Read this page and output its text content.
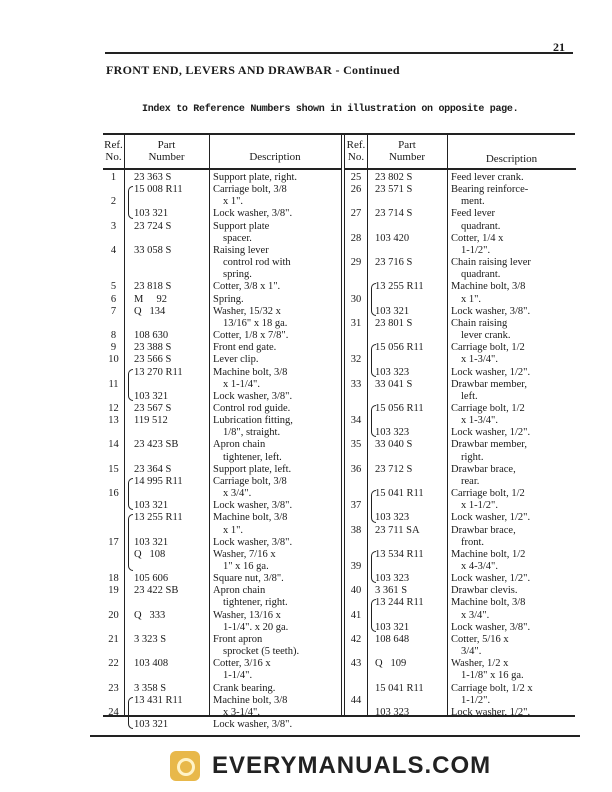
21
FRONT END, LEVERS AND DRAWBAR - Continued
Index to Reference Numbers shown in illustration on opposite page.
Ref.
No.
Part
Number	Description
1	23 363 S	Support plate, right.
2
15 008 R11	Carriage bolt, 3/8
x 1".
103 321	Lock washer, 3/8".
3	23 724 S	Support plate
spacer.
4	33 058 S	Raising lever
control rod with
spring.
5	23 818 S	Cotter, 3/8 x 1".
6	M     92	Spring.
7	Q   134	Washer, 15/32 x
13/16" x 18 ga.
8	108 630	Cotter, 1/8 x 7/8".
9	23 388 S	Front end gate.
10	23 566 S	Lever clip.
11
13 270 R11	Machine bolt, 3/8
x 1-1/4".
103 321	Lock washer, 3/8".
12	23 567 S	Control rod guide.
13	119 512	Lubrication fitting,
1/8", straight.
14	23 423 SB	Apron chain
tightener, left.
15	23 364 S	Support plate, left.
16
14 995 R11	Carriage bolt, 3/8
x 3/4".
103 321	Lock washer, 3/8".
17
13 255 R11	Machine bolt, 3/8
x 1".
103 321	Lock washer, 3/8".
Q   108	Washer, 7/16 x
1" x 16 ga.
18	105 606	Square nut, 3/8".
19	23 422 SB	Apron chain
tightener, right.
20	Q   333	Washer, 13/16 x
1-1/4". x 20 ga.
21	3 323 S	Front apron
sprocket (5 teeth).
22	103 408	Cotter, 3/16 x
1-1/4".
23	3 358 S	Crank bearing.
24
13 431 R11	Machine bolt, 3/8
x 3-1/4".
103 321	Lock washer, 3/8".
Ref.
No.
Part
Number	Description
25	23 802 S	Feed lever crank.
26	23 571 S	Bearing reinforce-
ment.
27	23 714 S	Feed lever
quadrant.
28	103 420	Cotter, 1/4 x
1-1/2".
29	23 716 S	Chain raising lever
quadrant.
30
13 255 R11	Machine bolt, 3/8
x 1".
103 321	Lock washer, 3/8".
31	23 801 S	Chain raising
lever crank.
32
15 056 R11	Carriage bolt, 1/2
x 1-3/4".
103 323	Lock washer, 1/2".
33	33 041 S	Drawbar member,
left.
34
15 056 R11	Carriage bolt, 1/2
x 1-3/4".
103 323	Lock washer, 1/2".
35	33 040 S	Drawbar member,
right.
36	23 712 S	Drawbar brace,
rear.
37
15 041 R11	Carriage bolt, 1/2
x 1-1/2".
103 323	Lock washer, 1/2".
38	23 711 SA	Drawbar brace,
front.
39
13 534 R11	Machine bolt, 1/2
x 4-3/4".
103 323	Lock washer, 1/2".
40	3 361 S	Drawbar clevis.
41
13 244 R11	Machine bolt, 3/8
x 3/4".
103 321	Lock washer, 3/8".
42	108 648	Cotter, 5/16 x
3/4".
43	Q   109	Washer, 1/2 x
1-1/8" x 16 ga.
44
15 041 R11	Carriage bolt, 1/2 x
1-1/2".
103 323	Lock washer, 1/2".
EVERYMANUALS.COM
